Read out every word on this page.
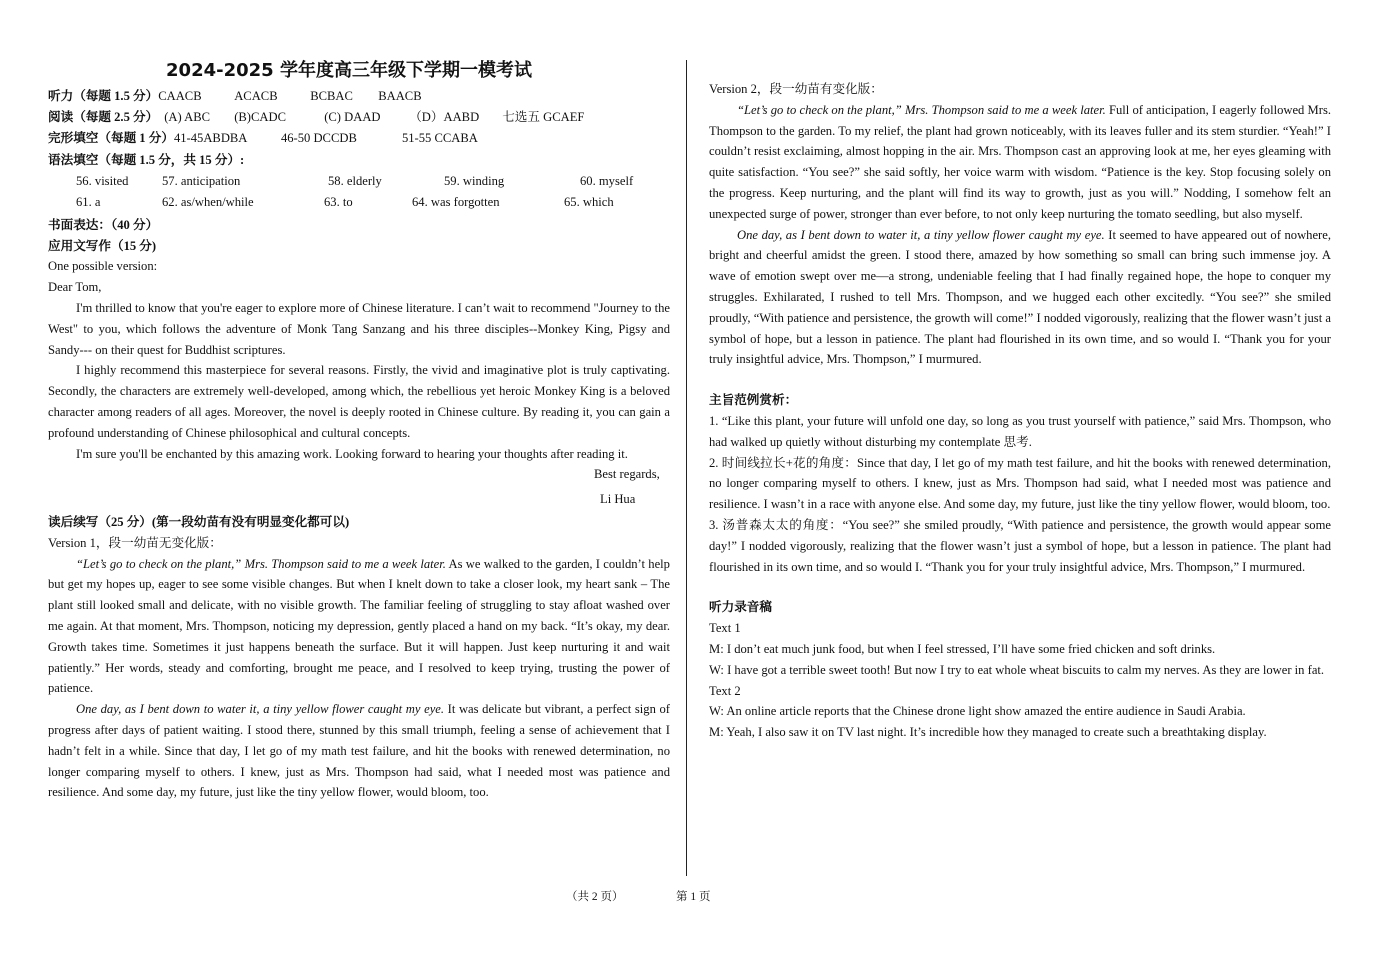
2024-2025 学年度高三年级下学期一模考试
听力（每题 1.5 分） CAACB	ACACB	BCBAC	BAACB
阅读（每题 2.5 分） (A) ABC	(B)CADC	(C) DAAD	（D）AABD	七选五 GCAEF
完形填空（每题 1 分） 41-45ABDBA	46-50 DCCDB	51-55 CCABA
语法填空（每题 1.5 分，共 15 分）:
56. visited	57. anticipation	58. elderly	59. winding	60. myself
61. a	62. as/when/while	63. to	64. was forgotten	65. which
书面表达：（40 分）
应用文写作（15 分)

One possible version:

Dear Tom,

I'm thrilled to know that you're eager to explore more of Chinese literature. I can’t wait to recommend "Journey to the West" to you, which follows the adventure of Monk Tang Sanzang and his three disciples--Monkey King, Pigsy and Sandy--- on their quest for Buddhist scriptures.

I highly recommend this masterpiece for several reasons. Firstly, the vivid and imaginative plot is truly captivating. Secondly, the characters are extremely well-developed, among which, the rebellious yet heroic Monkey King is a beloved character among readers of all ages. Moreover, the novel is deeply rooted in Chinese culture. By reading it, you can gain a profound understanding of Chinese philosophical and cultural concepts.

I'm sure you'll be enchanted by this amazing work. Looking forward to hearing your thoughts after reading it.

Best regards,

Li Hua

读后续写（25 分）(第一段幼苗有没有明显变化都可以)

Version 1，段一幼苗无变化版：

“Let’s go to check on the plant,” Mrs. Thompson said to me a week later. As we walked to the garden, I couldn’t help but get my hopes up, eager to see some visible changes. But when I knelt down to take a closer look, my heart sank – The plant still looked small and delicate, with no visible growth. The familiar feeling of struggling to stay afloat washed over me again. At that moment, Mrs. Thompson, noticing my depression, gently placed a hand on my back. “It’s okay, my dear. Growth takes time. Sometimes it just happens beneath the surface. But it will happen. Just keep nurturing it and wait patiently.” Her words, steady and comforting, brought me peace, and I resolved to keep trying, trusting the power of patience.

One day, as I bent down to water it, a tiny yellow flower caught my eye. It was delicate but vibrant, a perfect sign of progress after days of patient waiting. I stood there, stunned by this small triumph, feeling a sense of achievement that I hadn’t felt in a while. Since that day, I let go of my math test failure, and hit the books with renewed determination, no longer comparing myself to others. I knew, just as Mrs. Thompson had said, what I needed most was patience and resilience. And some day, my future, just like the tiny yellow flower, would bloom, too.

Version 2，段一幼苗有变化版：

“Let’s go to check on the plant,” Mrs. Thompson said to me a week later. Full of anticipation, I eagerly followed Mrs. Thompson to the garden. To my relief, the plant had grown noticeably, with its leaves fuller and its stem sturdier. “Yeah!” I couldn’t resist exclaiming, almost hopping in the air. Mrs. Thompson cast an approving look at me, her eyes gleaming with quite satisfaction. “You see?” she said softly, her voice warm with wisdom. “Patience is the key. Stop focusing solely on the progress. Keep nurturing, and the plant will find its way to growth, just as you will.” Nodding, I somehow felt an unexpected surge of power, stronger than ever before, to not only keep nurturing the tomato seedling, but also myself.

One day, as I bent down to water it, a tiny yellow flower caught my eye. It seemed to have appeared out of nowhere, bright and cheerful amidst the green. I stood there, amazed by how something so small can bring such immense joy. A wave of emotion swept over me—a strong, undeniable feeling that I had finally regained hope, the hope to conquer my struggles. Exhilarated, I rushed to tell Mrs. Thompson, and we hugged each other excitedly. “You see?” she smiled proudly, “With patience and persistence, the growth will come!” I nodded vigorously, realizing that the flower wasn’t just a symbol of hope, but a lesson in patience. The plant had flourished in its own time, and so would I. “Thank you for your truly insightful advice, Mrs. Thompson,” I murmured.

主旨范例赏析：

1. “Like this plant, your future will unfold one day, so long as you trust yourself with patience,” said Mrs. Thompson, who had walked up quietly without disturbing my contemplate 思考.

2. 时间线拉长+花的角度：Since that day, I let go of my math test failure, and hit the books with renewed determination, no longer comparing myself to others. I knew, just as Mrs. Thompson had said, what I needed most was patience and resilience. I wasn’t in a race with anyone else. And some day, my future, just like the tiny yellow flower, would bloom, too.

3. 汤普森太太的角度：“You see?” she smiled proudly, “With patience and persistence, the growth would appear some day!” I nodded vigorously, realizing that the flower wasn’t just a symbol of hope, but a lesson in patience. The plant had flourished in its own time, and so would I. “Thank you for your truly insightful advice, Mrs. Thompson,” I murmured.

听力录音稿

Text 1

M: I don’t eat much junk food, but when I feel stressed, I’ll have some fried chicken and soft drinks.

W: I have got a terrible sweet tooth! But now I try to eat whole wheat biscuits to calm my nerves. As they are lower in fat.

Text 2

W: An online article reports that the Chinese drone light show amazed the entire audience in Saudi Arabia.

M: Yeah, I also saw it on TV last night. It’s incredible how they managed to create such a breathtaking display.

（共 2 页）	第 1 页
